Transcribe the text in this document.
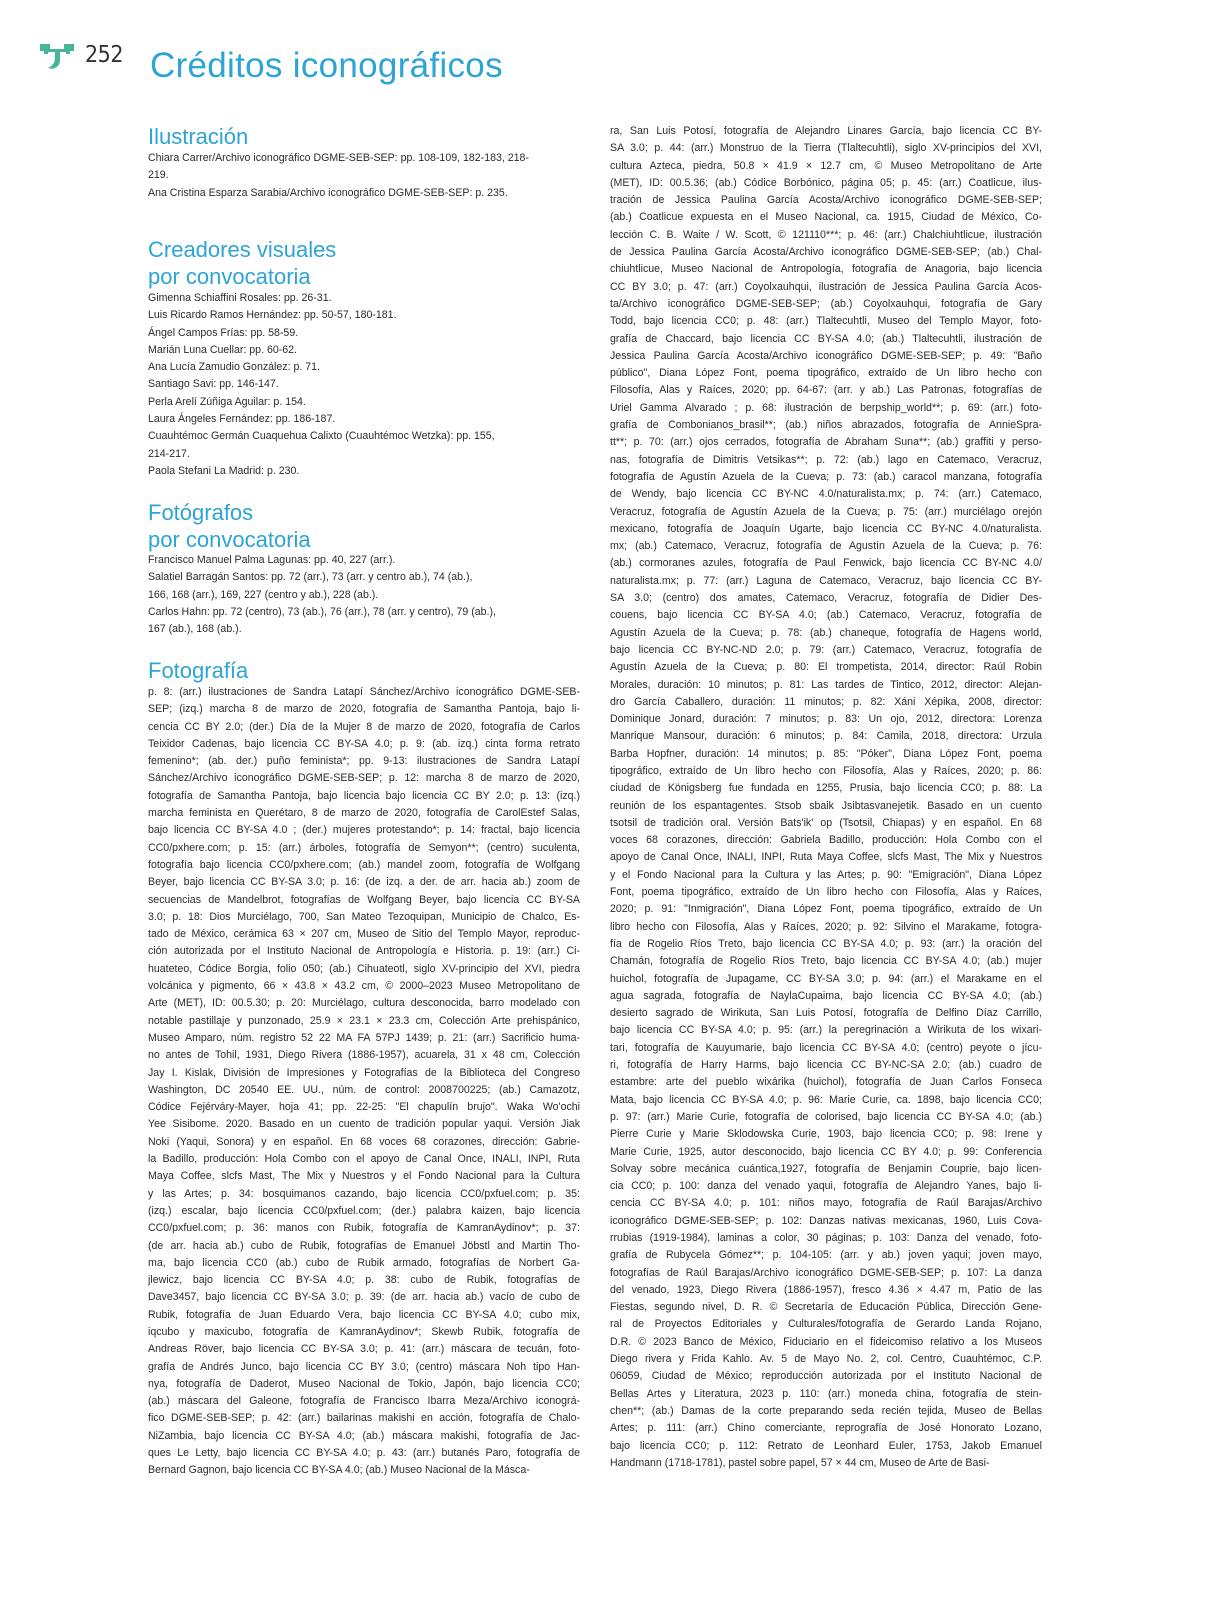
252 Créditos iconográficos
Ilustración
Chiara Carrer/Archivo iconográfico DGME-SEB-SEP: pp. 108-109, 182-183, 218-
219.
Ana Cristina Esparza Sarabia/Archivo iconográfico DGME-SEB-SEP: p. 235.
Creadores visuales
por convocatoria
Gimenna Schiaffini Rosales: pp. 26-31.
Luis Ricardo Ramos Hernández: pp. 50-57, 180-181.
Ángel Campos Frías: pp. 58-59.
Marián Luna Cuellar: pp. 60-62.
Ana Lucía Zamudio González: p. 71.
Santiago Savi: pp. 146-147.
Perla Arelí Zúñiga Aguilar: p. 154.
Laura Ángeles Fernández: pp. 186-187.
Cuauhtémoc Germán Cuaquehua Calixto (Cuauhtémoc Wetzka): pp. 155,
214-217.
Paola Stefani La Madrid: p. 230.
Fotógrafos
por convocatoria
Francisco Manuel Palma Lagunas: pp. 40, 227 (arr.).
Salatiel Barragán Santos: pp. 72 (arr.), 73 (arr. y centro ab.), 74 (ab.),
166, 168 (arr.), 169, 227 (centro y ab.), 228 (ab.).
Carlos Hahn: pp. 72 (centro), 73 (ab.), 76 (arr.), 78 (arr. y centro), 79 (ab.),
167 (ab.), 168 (ab.).
Fotografía
p. 8: (arr.) ilustraciones de Sandra Latapí Sánchez/Archivo iconográfico DGME-SEB-
SEP; (izq.) marcha 8 de marzo de 2020, fotografía de Samantha Pantoja, bajo li-
cencia CC BY 2.0; (der.) Día de la Mujer 8 de marzo de 2020, fotografía de Carlos
Teixidor Cadenas, bajo licencia CC BY-SA 4.0; p. 9: (ab. izq.) cinta forma retrato
femenino*; (ab. der.) puño feminista*; pp. 9-13: ilustraciones de Sandra Latapí
Sánchez/Archivo iconográfico DGME-SEB-SEP; p. 12: marcha 8 de marzo de 2020,
fotografía de Samantha Pantoja, bajo licencia bajo licencia CC BY 2.0; p. 13: (izq.)
marcha feminista en Querétaro, 8 de marzo de 2020, fotografía de CarolEstef Salas,
bajo licencia CC BY-SA 4.0 ; (der.) mujeres protestando*; p. 14: fractal, bajo licencia
CC0/pxhere.com; p. 15: (arr.) árboles, fotografía de Semyon**; (centro) suculenta,
fotografía bajo licencia CC0/pxhere.com; (ab.) mandel zoom, fotografía de Wolfgang
Beyer, bajo licencia CC BY-SA 3.0; p. 16: (de izq. a der. de arr. hacia ab.) zoom de
secuencias de Mandelbrot, fotografías de Wolfgang Beyer, bajo licencia CC BY-SA
3.0; p. 18: Dios Murciélago, 700, San Mateo Tezoquipan, Municipio de Chalco, Es-
tado de México, cerámica 63 × 207 cm, Museo de Sitio del Templo Mayor, reproduc-
ción autorizada por el Instituto Nacional de Antropología e Historia. p. 19: (arr.) Ci-
huateteo, Códice Borgia, folio 050; (ab.) Cihuateotl, siglo XV-principio del XVI, piedra
volcánica y pigmento, 66 × 43.8 × 43.2 cm, © 2000–2023 Museo Metropolitano de
Arte (MET), ID: 00.5.30; p. 20: Murciélago, cultura desconocida, barro modelado con
notable pastillaje y punzonado, 25.9 × 23.1 × 23.3 cm, Colección Arte prehispánico,
Museo Amparo, núm. registro 52 22 MA FA 57PJ 1439; p. 21: (arr.) Sacrificio huma-
no antes de Tohil, 1931, Diego Rivera (1886-1957), acuarela, 31 x 48 cm, Colección
Jay I. Kislak, División de Impresiones y Fotografías de la Biblioteca del Congreso
Washington, DC 20540 EE. UU., núm. de control: 2008700225; (ab.) Camazotz,
Códice Fejérváry-Mayer, hoja 41; pp. 22-25: "El chapulín brujo". Waka Wo'ochi
Yee Sisibome. 2020. Basado en un cuento de tradición popular yaqui. Versión Jiak
Noki (Yaqui, Sonora) y en español. En 68 voces 68 corazones, dirección: Gabrie-
la Badillo, producción: Hola Combo con el apoyo de Canal Once, INALI, INPI, Ruta
Maya Coffee, slcfs Mast, The Mix y Nuestros y el Fondo Nacional para la Cultura
y las Artes; p. 34: bosquimanos cazando, bajo licencia CC0/pxfuel.com; p. 35:
(izq.) escalar, bajo licencia CC0/pxfuel.com; (der.) palabra kaizen, bajo licencia
CC0/pxfuel.com; p. 36: manos con Rubik, fotografía de KamranAydinov*; p. 37:
(de arr. hacia ab.) cubo de Rubik, fotografías de Emanuel Jöbstl and Martin Tho-
ma, bajo licencia CC0 (ab.) cubo de Rubik armado, fotografías de Norbert Ga-
jlewicz, bajo licencia CC BY-SA 4.0; p. 38: cubo de Rubik, fotografías de
Dave3457, bajo licencia CC BY-SA 3.0; p. 39: (de arr. hacia ab.) vacío de cubo de
Rubik, fotografía de Juan Eduardo Vera, bajo licencia CC BY-SA 4.0; cubo mix,
iqcubo y maxicubo, fotografía de KamranAydinov*; Skewb Rubik, fotografía de
Andreas Röver, bajo licencia CC BY-SA 3.0; p. 41: (arr.) máscara de tecuán, foto-
grafía de Andrés Junco, bajo licencia CC BY 3.0; (centro) máscara Noh tipo Han-
nya, fotografía de Daderot, Museo Nacional de Tokio, Japón, bajo licencia CC0;
(ab.) máscara del Galeone, fotografía de Francisco Ibarra Meza/Archivo iconográ-
fico DGME-SEB-SEP; p. 42: (arr.) bailarinas makishi en acción, fotografía de Chalo-
NiZambia, bajo licencia CC BY-SA 4.0; (ab.) máscara makishi, fotografía de Jac-
ques Le Letty, bajo licencia CC BY-SA 4.0; p. 43: (arr.) butanés Paro, fotografía de
Bernard Gagnon, bajo licencia CC BY-SA 4.0; (ab.) Museo Nacional de la Másca-
ra, San Luis Potosí, fotografía de Alejandro Linares García, bajo licencia CC BY-
SA 3.0; p. 44: (arr.) Monstruo de la Tierra (Tlaltecuhtli), siglo XV-principios del XVI,
cultura Azteca, piedra, 50.8 × 41.9 × 12.7 cm, © Museo Metropolitano de Arte
(MET), ID: 00.5.36; (ab.) Códice Borbónico, página 05; p. 45: (arr.) Coatlicue, ilus-
tración de Jessica Paulina García Acosta/Archivo iconográfico DGME-SEB-SEP;
(ab.) Coatlicue expuesta en el Museo Nacional, ca. 1915, Ciudad de México, Co-
lección C. B. Waite / W. Scott, © 121110***; p. 46: (arr.) Chalchiuhtlicue, ilustración
de Jessica Paulina García Acosta/Archivo iconográfico DGME-SEB-SEP; (ab.) Chal-
chiuhtlicue, Museo Nacional de Antropología, fotografía de Anagoria, bajo licencia
CC BY 3.0; p. 47: (arr.) Coyolxauhqui, ilustración de Jessica Paulina García Acos-
ta/Archivo iconográfico DGME-SEB-SEP; (ab.) Coyolxauhqui, fotografía de Gary
Todd, bajo licencia CC0; p. 48: (arr.) Tlaltecuhtli, Museo del Templo Mayor, foto-
grafía de Chaccard, bajo licencia CC BY-SA 4.0; (ab.) Tlaltecuhtli, ilustración de
Jessica Paulina García Acosta/Archivo iconográfico DGME-SEB-SEP; p. 49: "Baño
público", Diana López Font, poema tipográfico, extraído de Un libro hecho con
Filosofía, Alas y Raíces, 2020; pp. 64-67: (arr. y ab.) Las Patronas, fotografías de
Uriel Gamma Alvarado ; p. 68: ilustración de berpship_world**; p. 69: (arr.) foto-
grafía de Combonianos_brasil**; (ab.) niños abrazados, fotografía de AnnieSpra-
tt**; p. 70: (arr.) ojos cerrados, fotografía de Abraham Suna**; (ab.) graffiti y perso-
nas, fotografía de Dimitris Vetsikas**; p. 72: (ab.) lago en Catemaco, Veracruz,
fotografía de Agustín Azuela de la Cueva; p. 73: (ab.) caracol manzana, fotografía
de Wendy, bajo licencia CC BY-NC 4.0/naturalista.mx; p. 74: (arr.) Catemaco,
Veracruz, fotografía de Agustín Azuela de la Cueva; p. 75: (arr.) murciélago orejón
mexicano, fotografía de Joaquín Ugarte, bajo licencia CC BY-NC 4.0/naturalista.
mx; (ab.) Catemaco, Veracruz, fotografía de Agustín Azuela de la Cueva; p. 76:
(ab.) cormoranes azules, fotografía de Paul Fenwick, bajo licencia CC BY-NC 4.0/
naturalista.mx; p. 77: (arr.) Laguna de Catemaco, Veracruz, bajo licencia CC BY-
SA 3.0; (centro) dos amates, Catemaco, Veracruz, fotografía de Didier Des-
couens, bajo licencia CC BY-SA 4.0; (ab.) Catemaco, Veracruz, fotografía de
Agustín Azuela de la Cueva; p. 78: (ab.) chaneque, fotografía de Hagens world,
bajo licencia CC BY-NC-ND 2.0; p. 79: (arr.) Catemaco, Veracruz, fotografía de
Agustín Azuela de la Cueva; p. 80: El trompetista, 2014, director: Raúl Robin
Morales, duración: 10 minutos; p. 81: Las tardes de Tintico, 2012, director: Alejan-
dro García Caballero, duración: 11 minutos; p. 82: Xáni Xépika, 2008, director:
Dominique Jonard, duración: 7 minutos; p. 83: Un ojo, 2012, directora: Lorenza
Manrique Mansour, duración: 6 minutos; p. 84: Camila, 2018, directora: Urzula
Barba Hopfner, duración: 14 minutos; p. 85: "Póker", Diana López Font, poema
tipográfico, extraído de Un libro hecho con Filosofía, Alas y Raíces, 2020; p. 86:
ciudad de Königsberg fue fundada en 1255, Prusia, bajo licencia CC0; p. 88: La
reunión de los espantagentes. Stsob sbaik Jsibtasvanejetik. Basado en un cuento
tsotsil de tradición oral. Versión Bats'ik' op (Tsotsil, Chiapas) y en español. En 68
voces 68 corazones, dirección: Gabriela Badillo, producción: Hola Combo con el
apoyo de Canal Once, INALI, INPI, Ruta Maya Coffee, slcfs Mast, The Mix y Nuestros
y el Fondo Nacional para la Cultura y las Artes; p. 90: "Emigración", Diana López
Font, poema tipográfico, extraído de Un libro hecho con Filosofía, Alas y Raíces,
2020; p. 91: "Inmigración", Diana López Font, poema tipográfico, extraído de Un
libro hecho con Filosofía, Alas y Raíces, 2020; p. 92: Silvino el Marakame, fotogra-
fía de Rogelio Ríos Treto, bajo licencia CC BY-SA 4.0; p. 93: (arr.) la oración del
Chamán, fotografía de Rogelio Ríos Treto, bajo licencia CC BY-SA 4.0; (ab.) mujer
huichol, fotografía de Jupagame, CC BY-SA 3.0; p. 94: (arr.) el Marakame en el
agua sagrada, fotografía de NaylaCupaima, bajo licencia CC BY-SA 4.0; (ab.)
desierto sagrado de Wirikuta, San Luis Potosí, fotografía de Delfino Díaz Carrillo,
bajo licencia CC BY-SA 4.0; p. 95: (arr.) la peregrinación a Wirikuta de los wixari-
tari, fotografía de Kauyumarie, bajo licencia CC BY-SA 4.0; (centro) peyote o jícu-
ri, fotografía de Harry Harms, bajo licencia CC BY-NC-SA 2.0; (ab.) cuadro de
estambre: arte del pueblo wixárika (huichol), fotografía de Juan Carlos Fonseca
Mata, bajo licencia CC BY-SA 4.0; p. 96: Marie Curie, ca. 1898, bajo licencia CC0;
p. 97: (arr.) Marie Curie, fotografía de colorised, bajo licencia CC BY-SA 4.0; (ab.)
Pierre Curie y Marie Sklodowska Curie, 1903, bajo licencia CC0; p. 98: Irene y
Marie Curie, 1925, autor desconocido, bajo licencia CC BY 4.0; p. 99: Conferencia
Solvay sobre mecánica cuántica,1927, fotografía de Benjamin Couprie, bajo licen-
cia CC0; p. 100: danza del venado yaqui, fotografía de Alejandro Yanes, bajo li-
cencia CC BY-SA 4.0; p. 101: niños mayo, fotografía de Raúl Barajas/Archivo
iconográfico DGME-SEB-SEP; p. 102: Danzas nativas mexicanas, 1960, Luis Cova-
rrubias (1919-1984), laminas a color, 30 páginas; p. 103: Danza del venado, foto-
grafía de Rubycela Gómez**; p. 104-105: (arr. y ab.) joven yaqui; joven mayo,
fotografías de Raúl Barajas/Archivo iconográfico DGME-SEB-SEP; p. 107: La danza
del venado, 1923, Diego Rivera (1886-1957), fresco 4.36 × 4.47 m, Patio de las
Fiestas, segundo nivel, D. R. © Secretaría de Educación Pública, Dirección Gene-
ral de Proyectos Editoriales y Culturales/fotografía de Gerardo Landa Rojano,
D.R. © 2023 Banco de México, Fiduciario en el fideicomiso relativo a los Museos
Diego rivera y Frida Kahlo. Av. 5 de Mayo No. 2, col. Centro, Cuauhtémoc, C.P.
06059, Ciudad de México; reproducción autorizada por el Instituto Nacional de
Bellas Artes y Literatura, 2023 p. 110: (arr.) moneda china, fotografía de stein-
chen**; (ab.) Damas de la corte preparando seda recién tejida, Museo de Bellas
Artes; p. 111: (arr.) Chino comerciante, reprografía de José Honorato Lozano,
bajo licencia CC0; p. 112: Retrato de Leonhard Euler, 1753, Jakob Emanuel
Handmann (1718-1781), pastel sobre papel, 57 × 44 cm, Museo de Arte de Basi-
